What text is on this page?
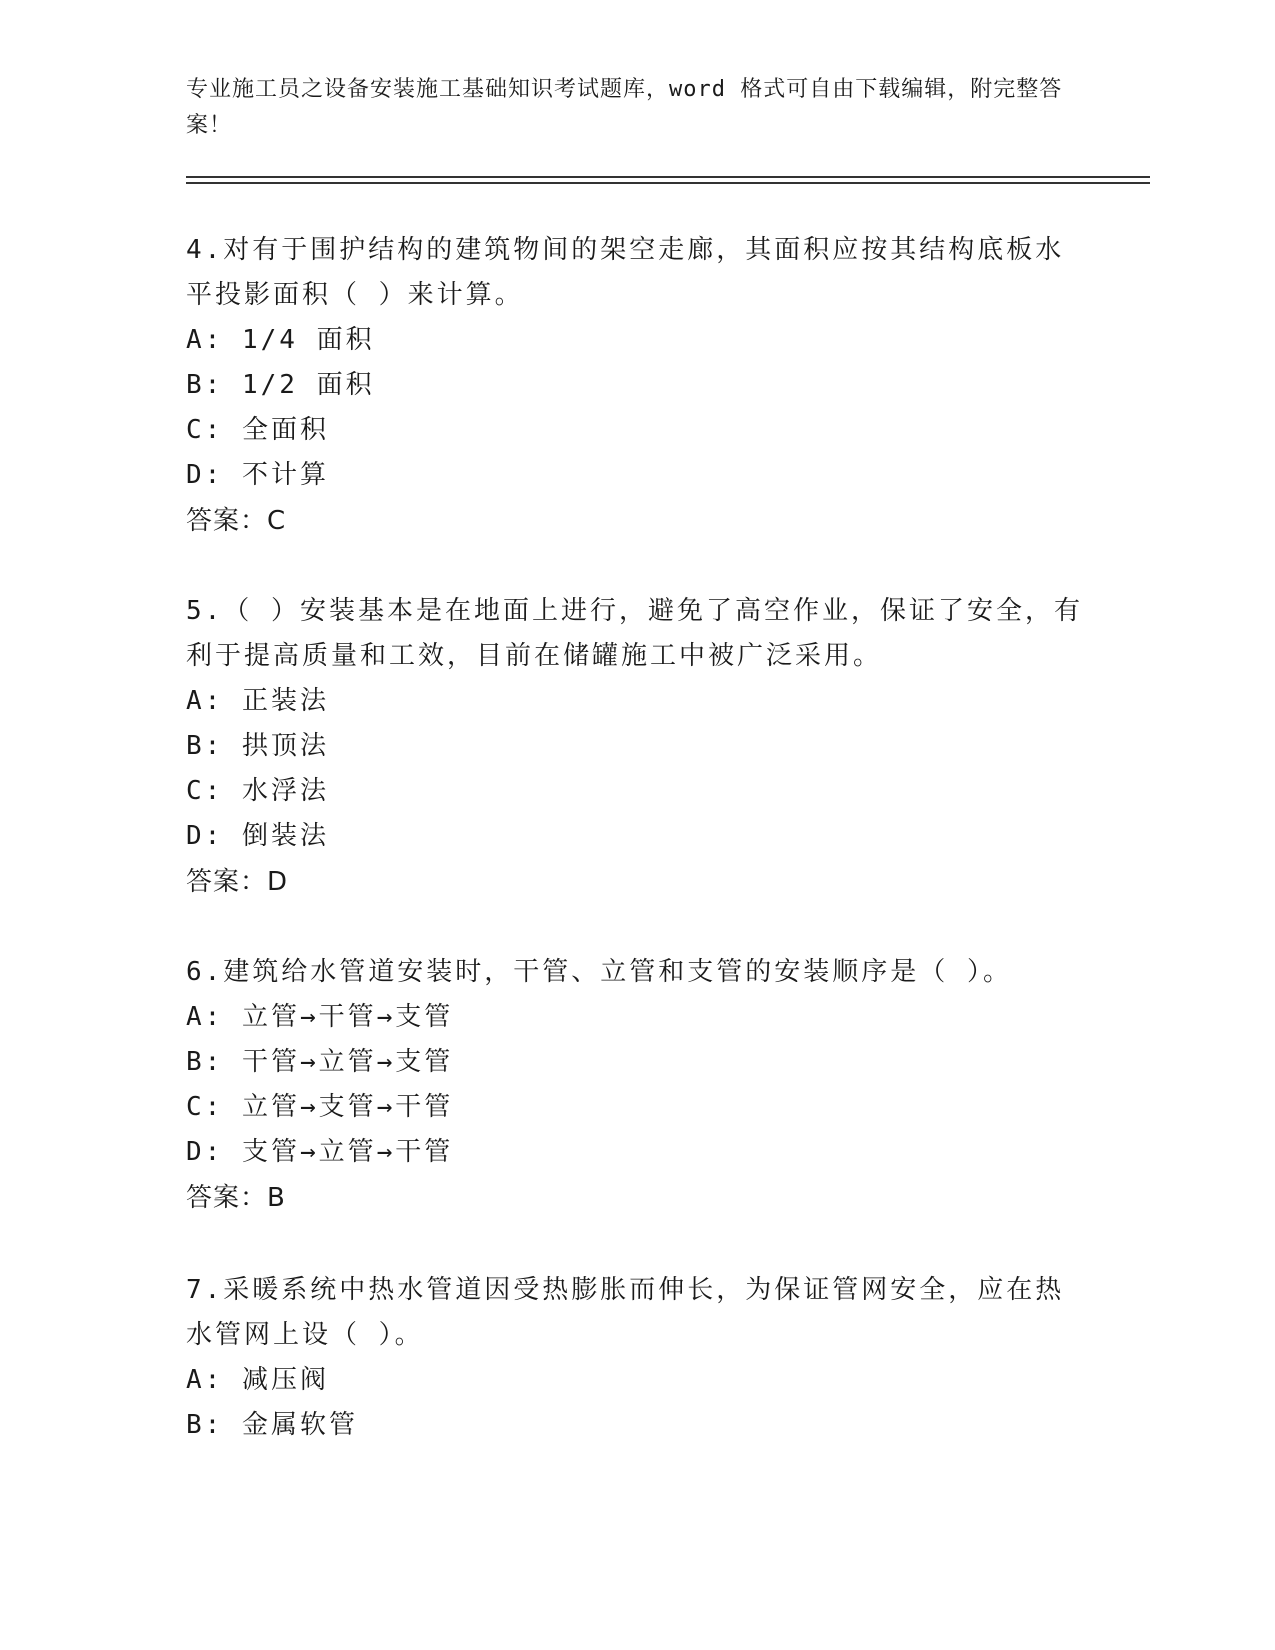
专业施工员之设备安装施工基础知识考试题库，word 格式可自由下载编辑，附完整答案！
4.对有于围护结构的建筑物间的架空走廊，其面积应按其结构底板水平投影面积（ ）来计算。
A: 1/4 面积
B: 1/2 面积
C: 全面积
D: 不计算
答案：C
5.（ ）安装基本是在地面上进行，避免了高空作业，保证了安全，有利于提高质量和工效，目前在储罐施工中被广泛采用。
A: 正装法
B: 拱顶法
C: 水浮法
D: 倒装法
答案：D
6.建筑给水管道安装时，干管、立管和支管的安装顺序是（ ）。
A: 立管→干管→支管
B: 干管→立管→支管
C: 立管→支管→干管
D: 支管→立管→干管
答案：B
7.采暖系统中热水管道因受热膨胀而伸长，为保证管网安全，应在热水管网上设（ ）。
A: 减压阀
B: 金属软管
